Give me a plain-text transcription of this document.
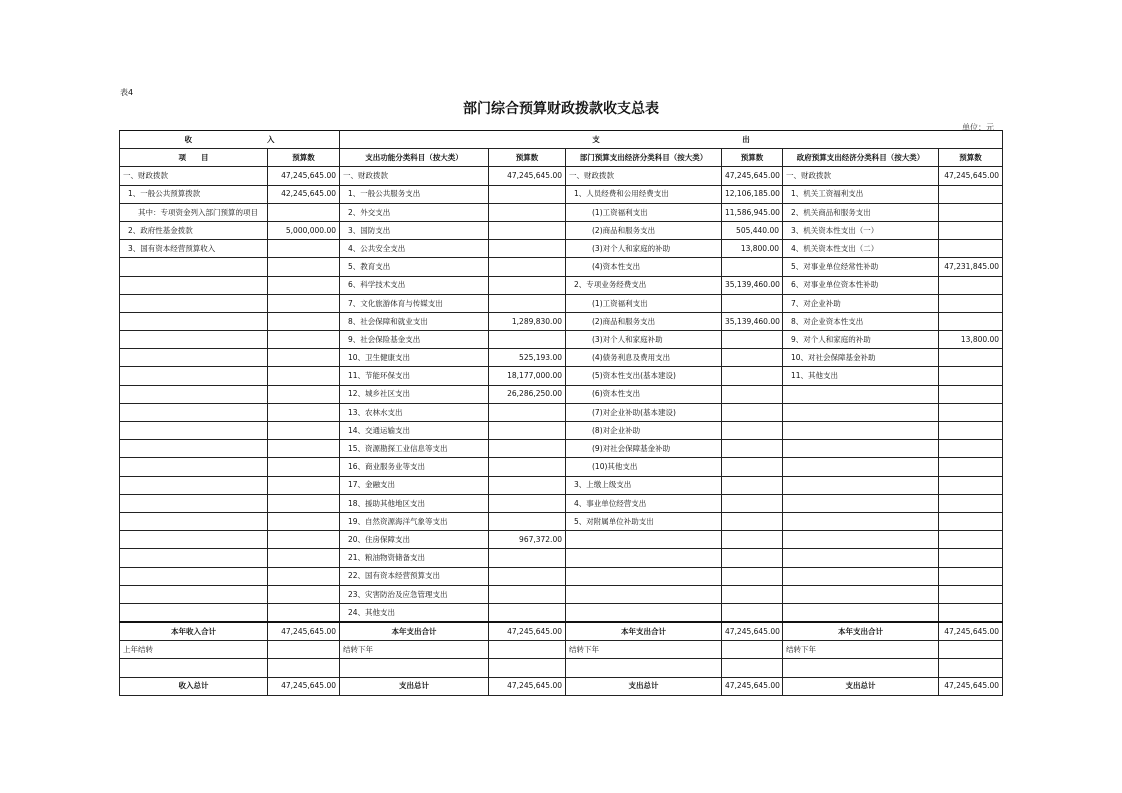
表4
部门综合预算财政拨款收支总表
单位：元
收　　　　　　　　　　入		支　　　　　　　　　　　　　　　　　　　出					
项　　目	预算数	支出功能分类科目（按大类）	预算数	部门预算支出经济分类科目（按大类）	预算数	政府预算支出经济分类科目（按大类）	预算数
一、财政拨款	47,245,645.00	一、财政拨款	47,245,645.00	一、财政拨款	47,245,645.00	一、财政拨款	47,245,645.00
1、一般公共预算拨款	42,245,645.00	1、一般公共服务支出		1、人员经费和公用经费支出	12,106,185.00	1、机关工资福利支出	
其中：专项资金列入部门预算的项目		2、外交支出		(1)工资福利支出	11,586,945.00	2、机关商品和服务支出	
2、政府性基金拨款	5,000,000.00	3、国防支出		(2)商品和服务支出	505,440.00	3、机关资本性支出（一）	
3、国有资本经营预算收入		4、公共安全支出		(3)对个人和家庭的补助	13,800.00	4、机关资本性支出（二）	
		5、教育支出		(4)资本性支出		5、对事业单位经常性补助	47,231,845.00
		6、科学技术支出		2、专项业务经费支出	35,139,460.00	6、对事业单位资本性补助	
		7、文化旅游体育与传媒支出		(1)工资福利支出		7、对企业补助	
		8、社会保障和就业支出	1,289,830.00	(2)商品和服务支出	35,139,460.00	8、对企业资本性支出	
		9、社会保险基金支出		(3)对个人和家庭补助		9、对个人和家庭的补助	13,800.00
		10、卫生健康支出	525,193.00	(4)债务利息及费用支出		10、对社会保障基金补助	
		11、节能环保支出	18,177,000.00	(5)资本性支出(基本建设)		11、其他支出	
		12、城乡社区支出	26,286,250.00	(6)资本性支出			
		13、农林水支出		(7)对企业补助(基本建设)			
		14、交通运输支出		(8)对企业补助			
		15、资源勘探工业信息等支出		(9)对社会保障基金补助			
		16、商业服务业等支出		(10)其他支出			
		17、金融支出		3、上缴上级支出			
		18、援助其他地区支出		4、事业单位经营支出			
		19、自然资源海洋气象等支出		5、对附属单位补助支出			
		20、住房保障支出	967,372.00				
		21、粮油物资储备支出					
		22、国有资本经营预算支出					
		23、灾害防治及应急管理支出					
		24、其他支出					
本年收入合计	47,245,645.00	本年支出合计	47,245,645.00	本年支出合计	47,245,645.00	本年支出合计	47,245,645.00
上年结转		结转下年		结转下年		结转下年	

收入总计	47,245,645.00	支出总计	47,245,645.00	支出总计	47,245,645.00	支出总计	47,245,645.00
